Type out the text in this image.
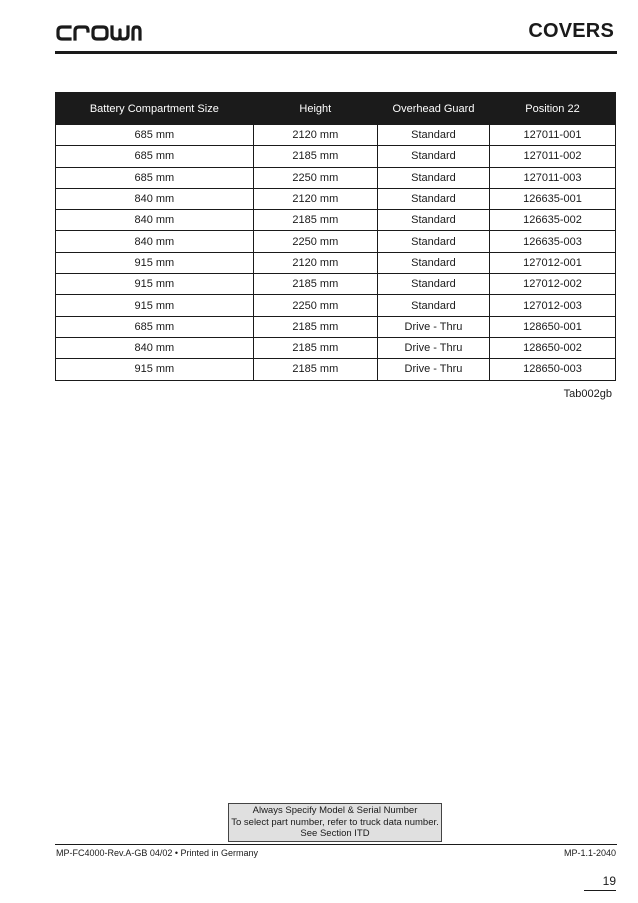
COVERS
Battery Compartment Size	Height	Overhead Guard	Position 22
685 mm	2120 mm	Standard	127011-001
685 mm	2185 mm	Standard	127011-002
685 mm	2250 mm	Standard	127011-003
840 mm	2120 mm	Standard	126635-001
840 mm	2185 mm	Standard	126635-002
840 mm	2250 mm	Standard	126635-003
915 mm	2120 mm	Standard	127012-001
915 mm	2185 mm	Standard	127012-002
915 mm	2250 mm	Standard	127012-003
685 mm	2185 mm	Drive - Thru	128650-001
840 mm	2185 mm	Drive - Thru	128650-002
915 mm	2185 mm	Drive - Thru	128650-003
Tab002gb
Always Specify Model & Serial Number
To select part number, refer to truck data number.
See Section ITD
MP-FC4000-Rev.A-GB 04/02 • Printed in Germany	MP-1.1-2040
19
